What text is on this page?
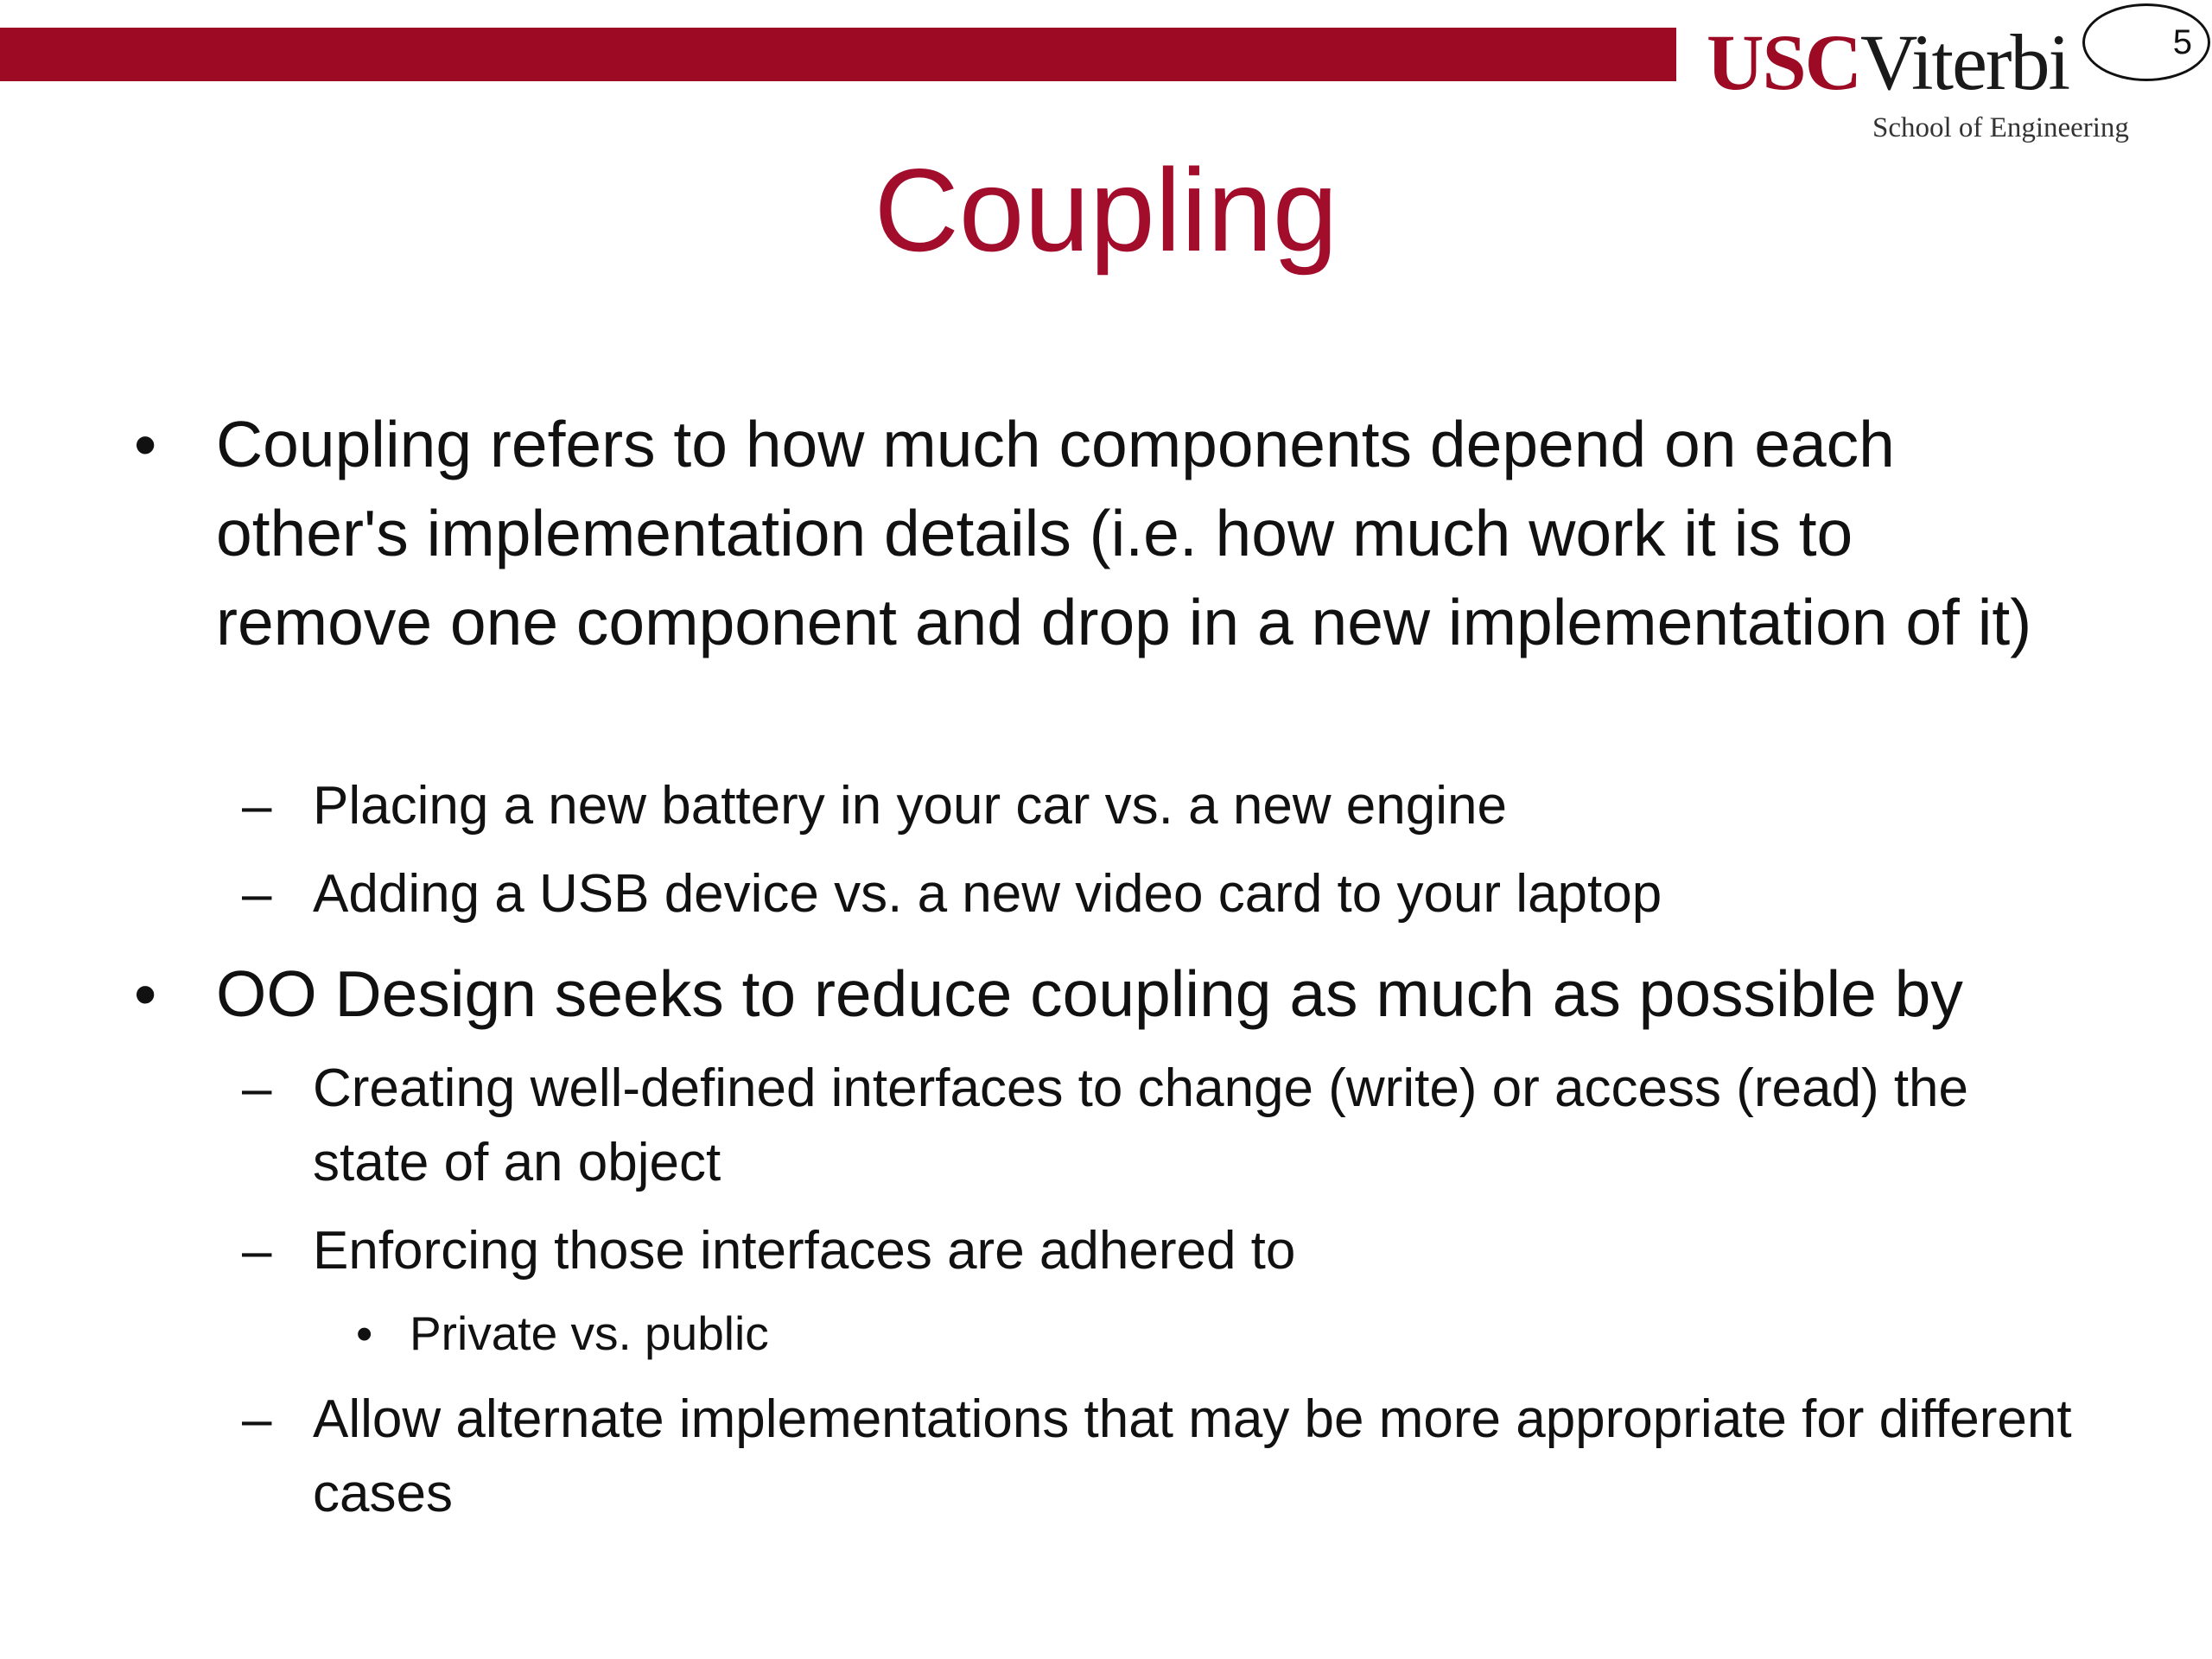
USCViterbi
School of Engineering
5
Coupling
• Coupling refers to how much components depend on each other's implementation details (i.e. how much work it is to remove one component and drop in a new implementation of it)
– Placing a new battery in your car vs. a new engine
– Adding a USB device vs. a new video card to your laptop
• OO Design seeks to reduce coupling as much as possible by
– Creating well-defined interfaces to change (write) or access (read) the state of an object
– Enforcing those interfaces are adhered to
• Private vs. public
– Allow alternate implementations that may be more appropriate for different cases
